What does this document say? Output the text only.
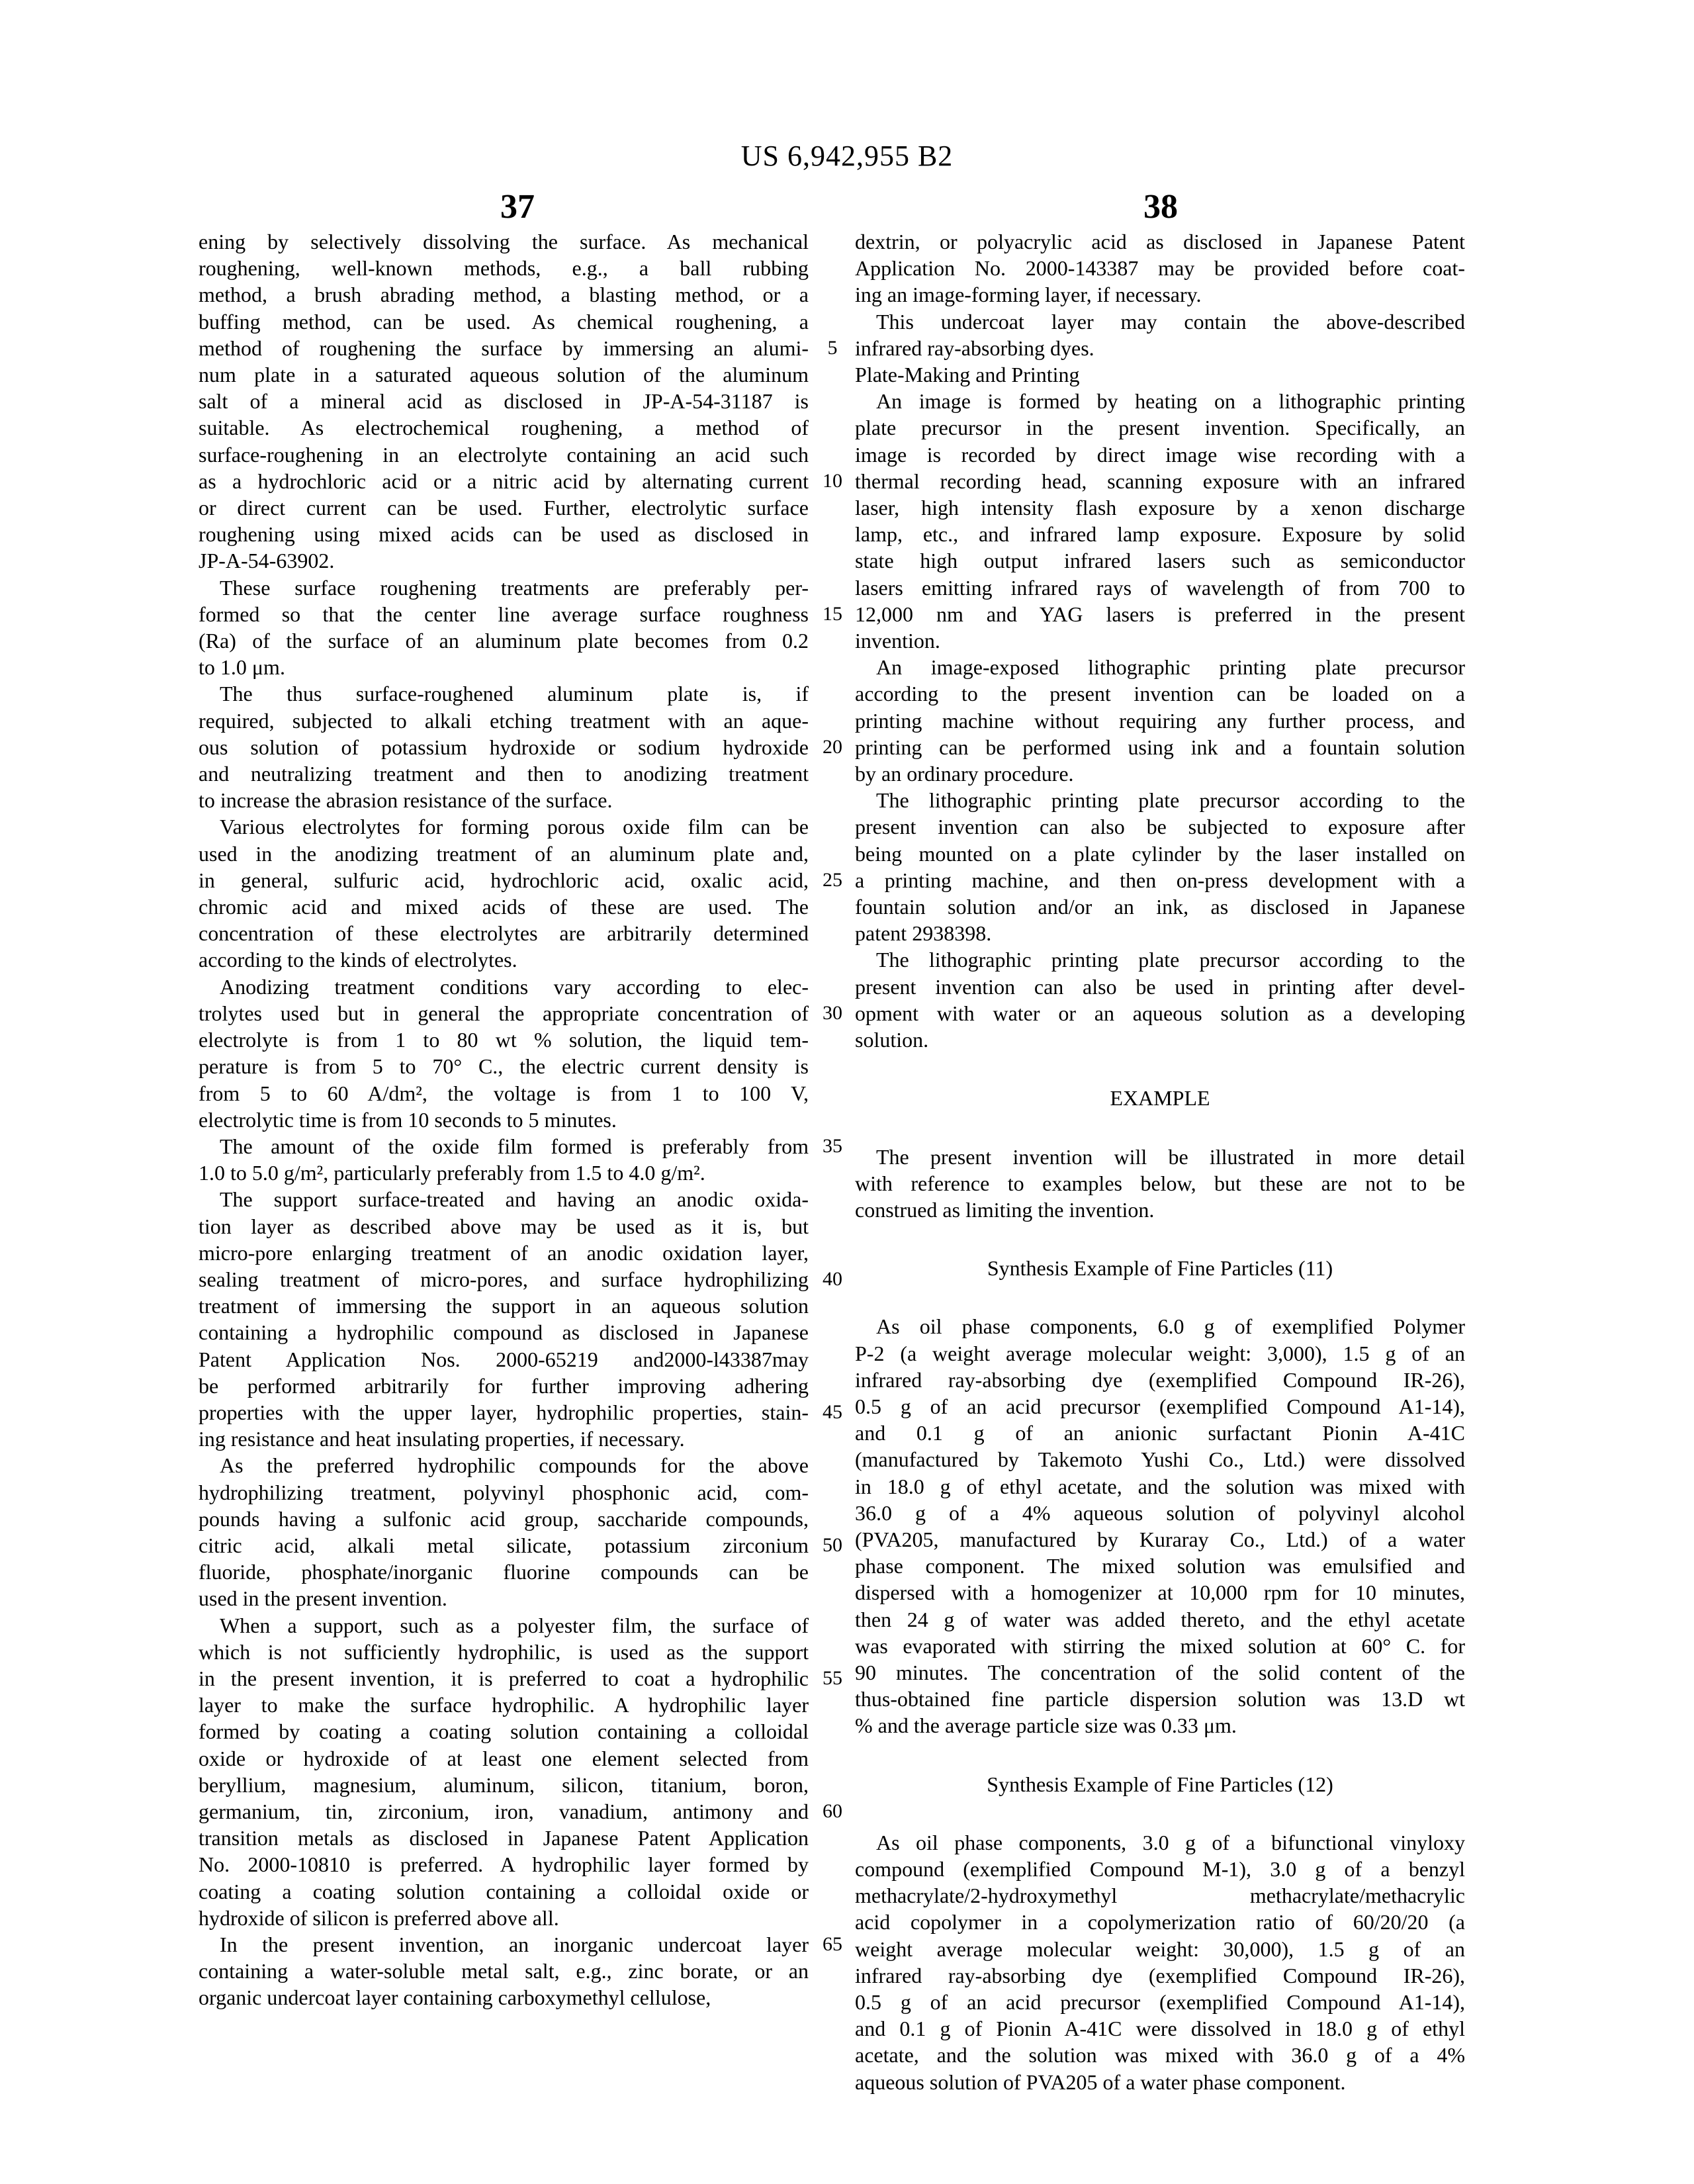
US 6,942,955 B2
37	38
ening by selectively dissolving the surface. As mechanical
roughening, well-known methods, e.g., a ball rubbing
method, a brush abrading method, a blasting method, or a
buffing method, can be used. As chemical roughening, a
method of roughening the surface by immersing an alumi-
num plate in a saturated aqueous solution of the aluminum
salt of a mineral acid as disclosed in JP-A-54-31187 is
suitable. As electrochemical roughening, a method of
surface-roughening in an electrolyte containing an acid such
as a hydrochloric acid or a nitric acid by alternating current
or direct current can be used. Further, electrolytic surface
roughening using mixed acids can be used as disclosed in
JP-A-54-63902.
These surface roughening treatments are preferably per-
formed so that the center line average surface roughness
(Ra) of the surface of an aluminum plate becomes from 0.2
to 1.0 μm.
The thus surface-roughened aluminum plate is, if
required, subjected to alkali etching treatment with an aque-
ous solution of potassium hydroxide or sodium hydroxide
and neutralizing treatment and then to anodizing treatment
to increase the abrasion resistance of the surface.
Various electrolytes for forming porous oxide film can be
used in the anodizing treatment of an aluminum plate and,
in general, sulfuric acid, hydrochloric acid, oxalic acid,
chromic acid and mixed acids of these are used. The
concentration of these electrolytes are arbitrarily determined
according to the kinds of electrolytes.
Anodizing treatment conditions vary according to elec-
trolytes used but in general the appropriate concentration of
electrolyte is from 1 to 80 wt % solution, the liquid tem-
perature is from 5 to 70° C., the electric current density is
from 5 to 60 A/dm², the voltage is from 1 to 100 V,
electrolytic time is from 10 seconds to 5 minutes.
The amount of the oxide film formed is preferably from
1.0 to 5.0 g/m², particularly preferably from 1.5 to 4.0 g/m².
The support surface-treated and having an anodic oxida-
tion layer as described above may be used as it is, but
micro-pore enlarging treatment of an anodic oxidation layer,
sealing treatment of micro-pores, and surface hydrophilizing
treatment of immersing the support in an aqueous solution
containing a hydrophilic compound as disclosed in Japanese
Patent Application Nos. 2000-65219 and2000-l43387may
be performed arbitrarily for further improving adhering
properties with the upper layer, hydrophilic properties, stain-
ing resistance and heat insulating properties, if necessary.
As the preferred hydrophilic compounds for the above
hydrophilizing treatment, polyvinyl phosphonic acid, com-
pounds having a sulfonic acid group, saccharide compounds,
citric acid, alkali metal silicate, potassium zirconium
fluoride, phosphate/inorganic fluorine compounds can be
used in the present invention.
When a support, such as a polyester film, the surface of
which is not sufficiently hydrophilic, is used as the support
in the present invention, it is preferred to coat a hydrophilic
layer to make the surface hydrophilic. A hydrophilic layer
formed by coating a coating solution containing a colloidal
oxide or hydroxide of at least one element selected from
beryllium, magnesium, aluminum, silicon, titanium, boron,
germanium, tin, zirconium, iron, vanadium, antimony and
transition metals as disclosed in Japanese Patent Application
No. 2000-10810 is preferred. A hydrophilic layer formed by
coating a coating solution containing a colloidal oxide or
hydroxide of silicon is preferred above all.
In the present invention, an inorganic undercoat layer
containing a water-soluble metal salt, e.g., zinc borate, or an
organic undercoat layer containing carboxymethyl cellulose,
5
10
15
20
25
30
35
40
45
50
55
60
65
dextrin, or polyacrylic acid as disclosed in Japanese Patent
Application No. 2000-143387 may be provided before coat-
ing an image-forming layer, if necessary.
This undercoat layer may contain the above-described
infrared ray-absorbing dyes.
Plate-Making and Printing
An image is formed by heating on a lithographic printing
plate precursor in the present invention. Specifically, an
image is recorded by direct image wise recording with a
thermal recording head, scanning exposure with an infrared
laser, high intensity flash exposure by a xenon discharge
lamp, etc., and infrared lamp exposure. Exposure by solid
state high output infrared lasers such as semiconductor
lasers emitting infrared rays of wavelength of from 700 to
12,000 nm and YAG lasers is preferred in the present
invention.
An image-exposed lithographic printing plate precursor
according to the present invention can be loaded on a
printing machine without requiring any further process, and
printing can be performed using ink and a fountain solution
by an ordinary procedure.
The lithographic printing plate precursor according to the
present invention can also be subjected to exposure after
being mounted on a plate cylinder by the laser installed on
a printing machine, and then on-press development with a
fountain solution and/or an ink, as disclosed in Japanese
patent 2938398.
The lithographic printing plate precursor according to the
present invention can also be used in printing after devel-
opment with water or an aqueous solution as a developing
solution.
EXAMPLE
The present invention will be illustrated in more detail
with reference to examples below, but these are not to be
construed as limiting the invention.
Synthesis Example of Fine Particles (11)
As oil phase components, 6.0 g of exemplified Polymer
P-2 (a weight average molecular weight: 3,000), 1.5 g of an
infrared ray-absorbing dye (exemplified Compound IR-26),
0.5 g of an acid precursor (exemplified Compound A1-14),
and 0.1 g of an anionic surfactant Pionin A-41C
(manufactured by Takemoto Yushi Co., Ltd.) were dissolved
in 18.0 g of ethyl acetate, and the solution was mixed with
36.0 g of a 4% aqueous solution of polyvinyl alcohol
(PVA205, manufactured by Kuraray Co., Ltd.) of a water
phase component. The mixed solution was emulsified and
dispersed with a homogenizer at 10,000 rpm for 10 minutes,
then 24 g of water was added thereto, and the ethyl acetate
was evaporated with stirring the mixed solution at 60° C. for
90 minutes. The concentration of the solid content of the
thus-obtained fine particle dispersion solution was 13.D wt
% and the average particle size was 0.33 μm.
Synthesis Example of Fine Particles (12)
As oil phase components, 3.0 g of a bifunctional vinyloxy
compound (exemplified Compound M-1), 3.0 g of a benzyl
methacrylate/2-hydroxymethyl methacrylate/methacrylic
acid copolymer in a copolymerization ratio of 60/20/20 (a
weight average molecular weight: 30,000), 1.5 g of an
infrared ray-absorbing dye (exemplified Compound IR-26),
0.5 g of an acid precursor (exemplified Compound A1-14),
and 0.1 g of Pionin A-41C were dissolved in 18.0 g of ethyl
acetate, and the solution was mixed with 36.0 g of a 4%
aqueous solution of PVA205 of a water phase component.
